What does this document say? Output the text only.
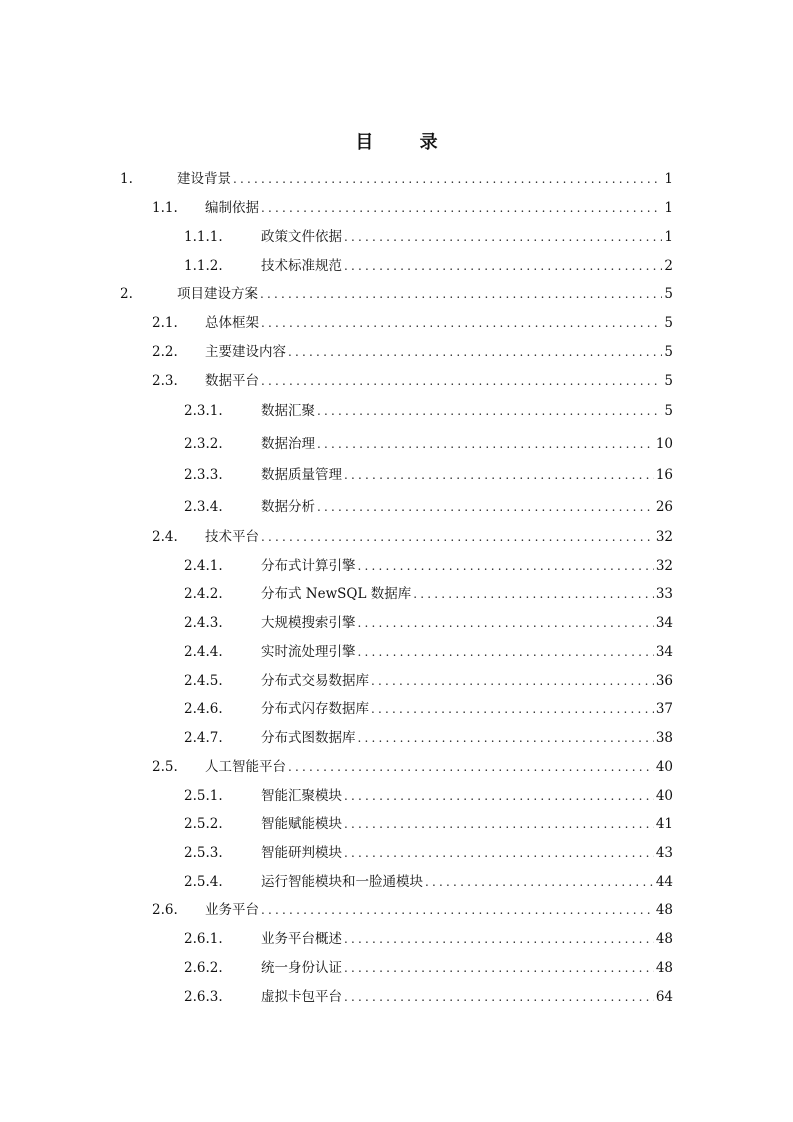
目 录
1.	建设背景 .....	1
1.1. 编制依据 .....	1
1.1.1.	政策文件依据 .....	1
1.1.2.	技术标准规范 .....	2
2.	项目建设方案 .....	5
2.1. 总体框架 .....	5
2.2. 主要建设内容 .....	5
2.3. 数据平台 .....	5
2.3.1.	数据汇聚 .....	5
2.3.2.	数据治理 .....	10
2.3.3.	数据质量管理 .....	16
2.3.4.	数据分析 .....	26
2.4. 技术平台 .....	32
2.4.1.	分布式计算引擎 .....	32
2.4.2.	分布式 NewSQL 数据库 .....	33
2.4.3.	大规模搜索引擎 .....	34
2.4.4.	实时流处理引擎 .....	34
2.4.5.	分布式交易数据库 .....	36
2.4.6.	分布式闪存数据库 .....	37
2.4.7.	分布式图数据库 .....	38
2.5. 人工智能平台 .....	40
2.5.1.	智能汇聚模块 .....	40
2.5.2.	智能赋能模块 .....	41
2.5.3.	智能研判模块 .....	43
2.5.4.	运行智能模块和一脸通模块 .....	44
2.6. 业务平台 .....	48
2.6.1.	业务平台概述 .....	48
2.6.2.	统一身份认证 .....	48
2.6.3.	虚拟卡包平台 .....	64
